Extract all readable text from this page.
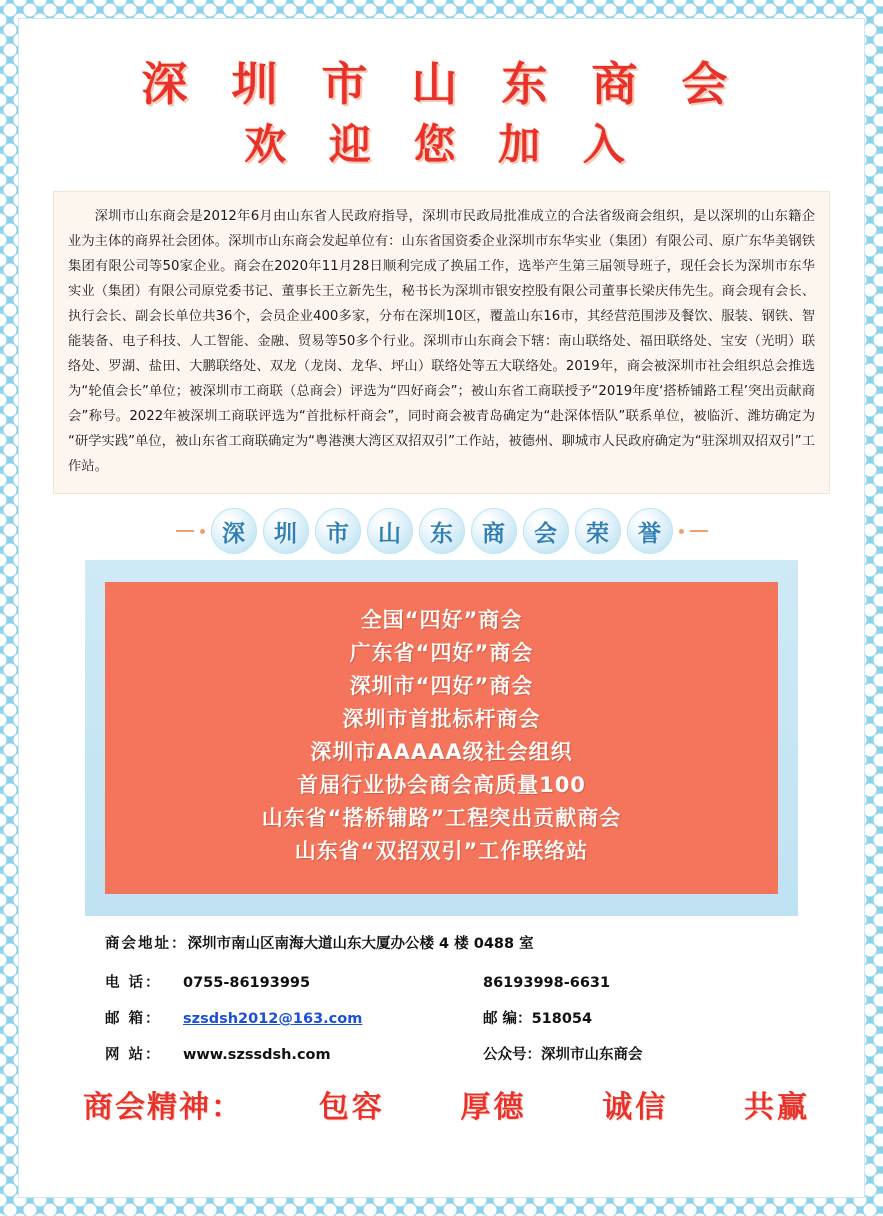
深 圳 市 山 东 商 会
欢 迎 您 加 入
深圳市山东商会是2012年6月由山东省人民政府指导，深圳市民政局批准成立的合法省级商会组织，是以深圳的山东籍企业为主体的商界社会团体。深圳市山东商会发起单位有：山东省国资委企业深圳市东华实业（集团）有限公司、原广东华美钢铁集团有限公司等50家企业。商会在2020年11月28日顺利完成了换届工作，选举产生第三届领导班子，现任会长为深圳市东华实业（集团）有限公司原党委书记、董事长王立新先生，秘书长为深圳市银安控股有限公司董事长梁庆伟先生。商会现有会长、执行会长、副会长单位共36个，会员企业400多家，分布在深圳10区，覆盖山东16市，其经营范围涉及餐饮、服装、钢铁、智能装备、电子科技、人工智能、金融、贸易等50多个行业。深圳市山东商会下辖：南山联络处、福田联络处、宝安（光明）联络处、罗湖、盐田、大鹏联络处、双龙（龙岗、龙华、坪山）联络处等五大联络处。2019年，商会被深圳市社会组织总会推选为“轮值会长”单位；被深圳市工商联（总商会）评选为“四好商会”；被山东省工商联授予“2019年度‘搭桥铺路工程’突出贡献商会”称号。2022年被深圳工商联评选为“首批标杆商会”，同时商会被青岛确定为“赴深体悟队”联系单位，被临沂、潍坊确定为“研学实践”单位，被山东省工商联确定为“粤港澳大湾区双招双引”工作站，被德州、聊城市人民政府确定为“驻深圳双招双引”工作站。
深	圳	市	山	东	商	会	荣	誉
全国“四好”商会
广东省“四好”商会
深圳市“四好”商会
深圳市首批标杆商会
深圳市AAAAA级社会组织
首届行业协会商会高质量100
山东省“搭桥铺路”工程突出贡献商会
山东省“双招双引”工作联络站
商会地址： 深圳市南山区南海大道山东大厦办公楼 4 楼 0488 室
电 话：	0755-86193995	86193998-6631
邮 箱：	szsdsh2012@163.com	邮 编：518054
网 站：	www.szssdsh.com	公众号：深圳市山东商会
商会精神：	包容	厚德	诚信	共赢
